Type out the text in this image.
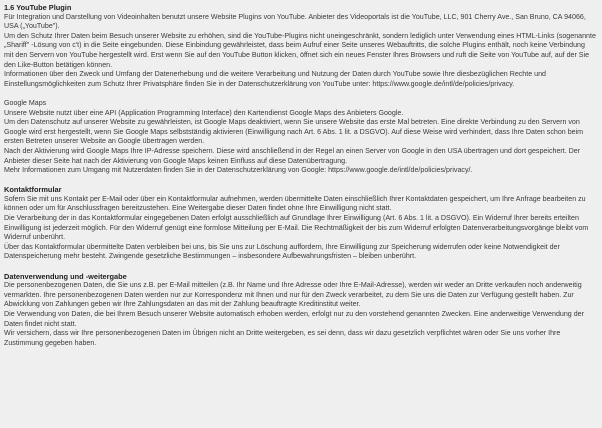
1.6 YouTube Plugin

Für Integration und Darstellung von Videoinhalten benutzt unsere Website Plugins von YouTube. Anbieter des Videoportals ist die YouTube, LLC, 901 Cherry Ave., San Bruno, CA 94066, USA („YouTube").

Um den Schutz Ihrer Daten beim Besuch unserer Website zu erhöhen, sind die YouTube-Plugins nicht uneingeschränkt, sondern lediglich unter Verwendung eines HTML-Links (sogenannte „Shariff" -Lösung von c't) in die Seite eingebunden. Diese Einbindung gewährleistet, dass beim Aufruf einer Seite unseres Webauftritts, die solche Plugins enthält, noch keine Verbindung mit den Servern von YouTube hergestellt wird. Erst wenn Sie auf den YouTube Button klicken, öffnet sich ein neues Fenster Ihres Browsers und ruft die Seite von YouTube auf, auf der Sie den Like-Button betätigen können.

Informationen über den Zweck und Umfang der Datenerhebung und die weitere Verarbeitung und Nutzung der Daten durch YouTube sowie Ihre diesbezüglichen Rechte und Einstellungsmöglichkeiten zum Schutz Ihrer Privatsphäre finden Sie in der Datenschutzerklärung von YouTube unter: https://www.google.de/intl/de/policies/privacy.

Google Maps

Unsere Website nutzt über eine API (Application Programming Interface) den Kartendienst Google Maps des Anbieters Google.

Um den Datenschutz auf unserer Website zu gewährleisten, ist Google Maps deaktiviert, wenn Sie unsere Website das erste Mal betreten. Eine direkte Verbindung zu den Servern von Google wird erst hergestellt, wenn Sie Google Maps selbstständig aktivieren (Einwilligung nach Art. 6 Abs. 1 lit. a DSGVO). Auf diese Weise wird verhindert, dass Ihre Daten schon beim ersten Betreten unserer Website an Google übertragen werden.

Nach der Aktivierung wird Google Maps Ihre IP-Adresse speichern. Diese wird anschließend in der Regel an einen Server von Google in den USA übertragen und dort gespeichert. Der Anbieter dieser Seite hat nach der Aktivierung von Google Maps keinen Einfluss auf diese Datenübertragung.

Mehr Informationen zum Umgang mit Nutzerdaten finden Sie in der Datenschutzerklärung von Google: https://www.google.de/intl/de/policies/privacy/.

Kontaktformular

Sofern Sie mit uns Kontakt per E-Mail oder über ein Kontaktformular aufnehmen, werden übermittelte Daten einschließlich Ihrer Kontaktdaten gespeichert, um Ihre Anfrage bearbeiten zu können oder um für Anschlussfragen bereitzustehen. Eine Weitergabe dieser Daten findet ohne Ihre Einwilligung nicht statt.

Die Verarbeitung der in das Kontaktformular eingegebenen Daten erfolgt ausschließlich auf Grundlage Ihrer Einwilligung (Art. 6 Abs. 1 lit. a DSGVO). Ein Widerruf Ihrer bereits erteilten Einwilligung ist jederzeit möglich. Für den Widerruf genügt eine formlose Mitteilung per E-Mail. Die Rechtmäßigkeit der bis zum Widerruf erfolgten Datenverarbeitungsvorgänge bleibt vom Widerruf unberührt.

Über das Kontaktformular übermittelte Daten verbleiben bei uns, bis Sie uns zur Löschung auffordern, Ihre Einwilligung zur Speicherung widerrufen oder keine Notwendigkeit der Datenspeicherung mehr besteht. Zwingende gesetzliche Bestimmungen – insbesondere Aufbewahrungsfristen – bleiben unberührt.

Datenverwendung und -weitergabe

Die personenbezogenen Daten, die Sie uns z.B. per E-Mail mitteilen (z.B. Ihr Name und Ihre Adresse oder Ihre E-Mail-Adresse), werden wir weder an Dritte verkaufen noch anderweitig vermarkten. Ihre personenbezogenen Daten werden nur zur Korrespondenz mit Ihnen und nur für den Zweck verarbeitet, zu dem Sie uns die Daten zur Verfügung gestellt haben. Zur Abwicklung von Zahlungen geben wir Ihre Zahlungsdaten an das mit der Zahlung beauftragte Kreditinstitut weiter.

Die Verwendung von Daten, die bei Ihrem Besuch unserer Website automatisch erhoben werden, erfolgt nur zu den vorstehend genannten Zwecken. Eine anderweitige Verwendung der Daten findet nicht statt.

Wir versichern, dass wir Ihre personenbezogenen Daten im Übrigen nicht an Dritte weitergeben, es sei denn, dass wir dazu gesetzlich verpflichtet wären oder Sie uns vorher Ihre Zustimmung gegeben haben.
